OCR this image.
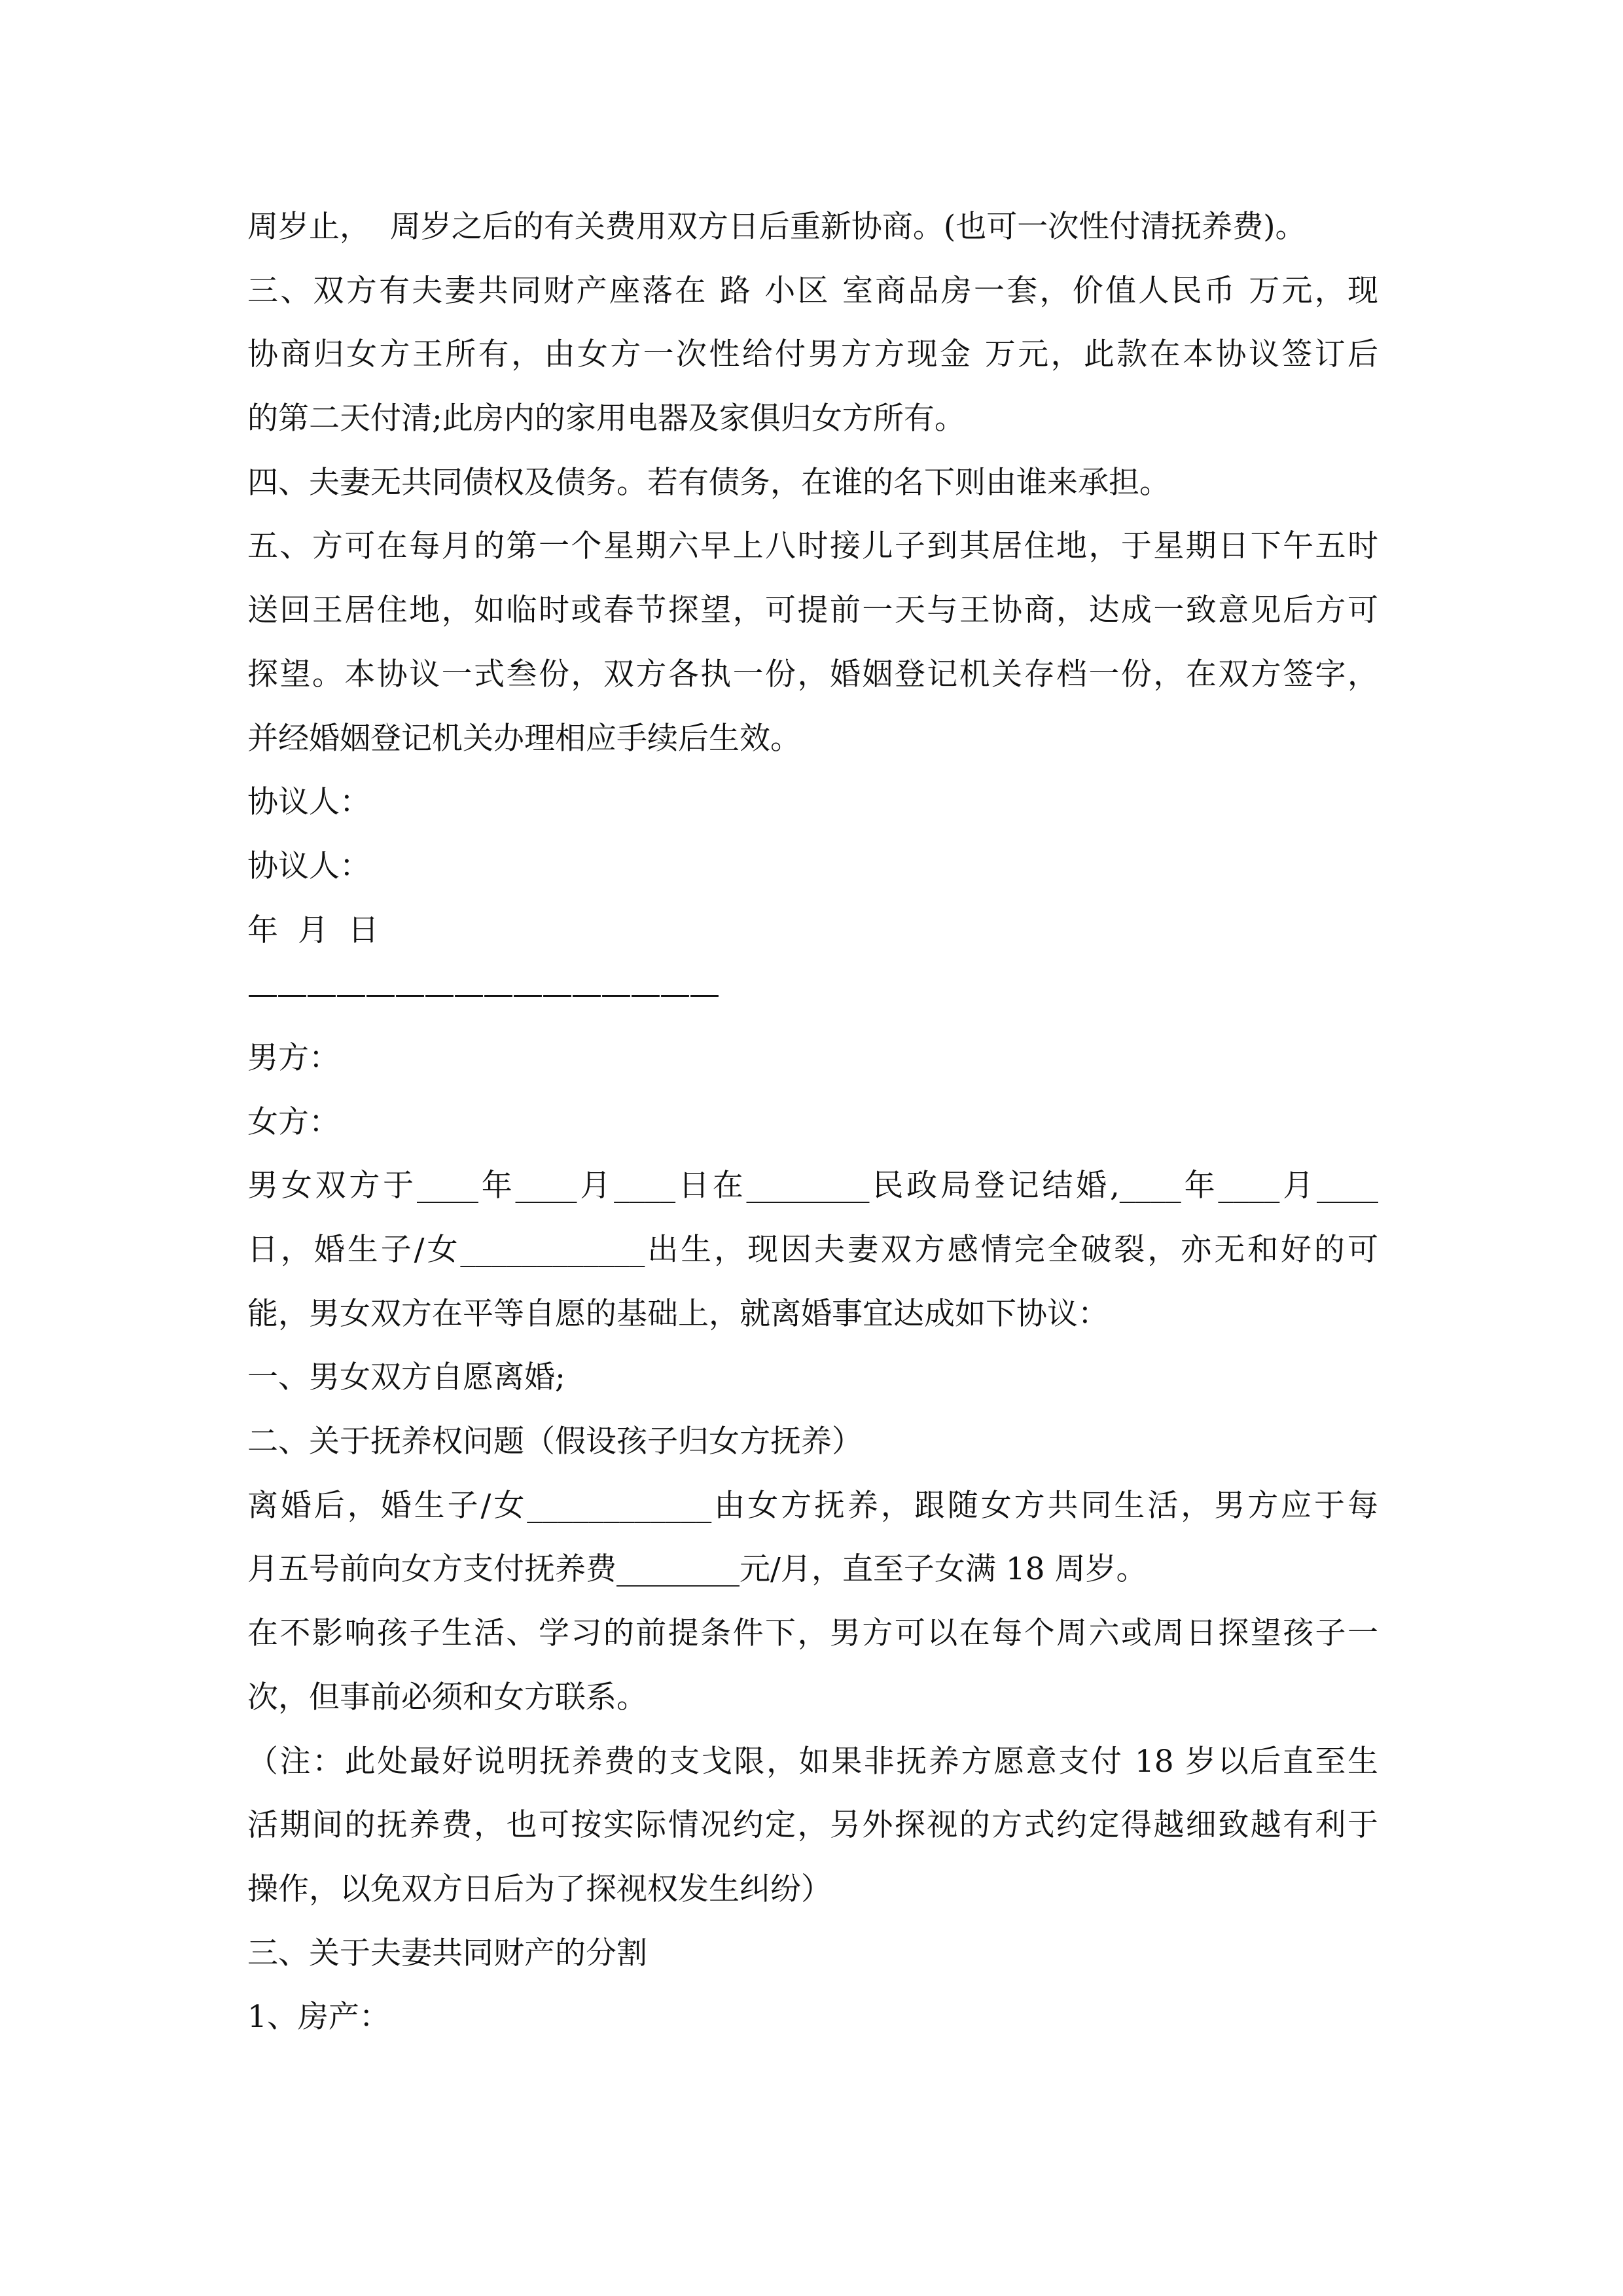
周岁止，  周岁之后的有关费用双方日后重新协商。(也可一次性付清抚养费)。
三、双方有夫妻共同财产座落在 路 小区 室商品房一套，价值人民币 万元，现
协商归女方王所有，由女方一次性给付男方方现金 万元，此款在本协议签订后
的第二天付清;此房内的家用电器及家俱归女方所有。
四、夫妻无共同债权及债务。若有债务，在谁的名下则由谁来承担。
五、方可在每月的第一个星期六早上八时接儿子到其居住地，于星期日下午五时
送回王居住地，如临时或春节探望，可提前一天与王协商，达成一致意见后方可
探望。本协议一式叁份，双方各执一份，婚姻登记机关存档一份，在双方签字，
并经婚姻登记机关办理相应手续后生效。
协议人：
协议人：
年  月  日
————————————————
男方：
女方：
男女双方于____年____月____日在________民政局登记结婚,____年____月____
日，婚生子/女____________出生，现因夫妻双方感情完全破裂，亦无和好的可
能，男女双方在平等自愿的基础上，就离婚事宜达成如下协议：
一、男女双方自愿离婚;
二、关于抚养权问题（假设孩子归女方抚养）
离婚后，婚生子/女____________由女方抚养，跟随女方共同生活，男方应于每
月五号前向女方支付抚养费________元/月，直至子女满 18 周岁。
在不影响孩子生活、学习的前提条件下，男方可以在每个周六或周日探望孩子一
次，但事前必须和女方联系。
（注：此处最好说明抚养费的支戈限，如果非抚养方愿意支付 18 岁以后直至生
活期间的抚养费，也可按实际情况约定，另外探视的方式约定得越细致越有利于
操作，以免双方日后为了探视权发生纠纷）
三、关于夫妻共同财产的分割
1、房产：
